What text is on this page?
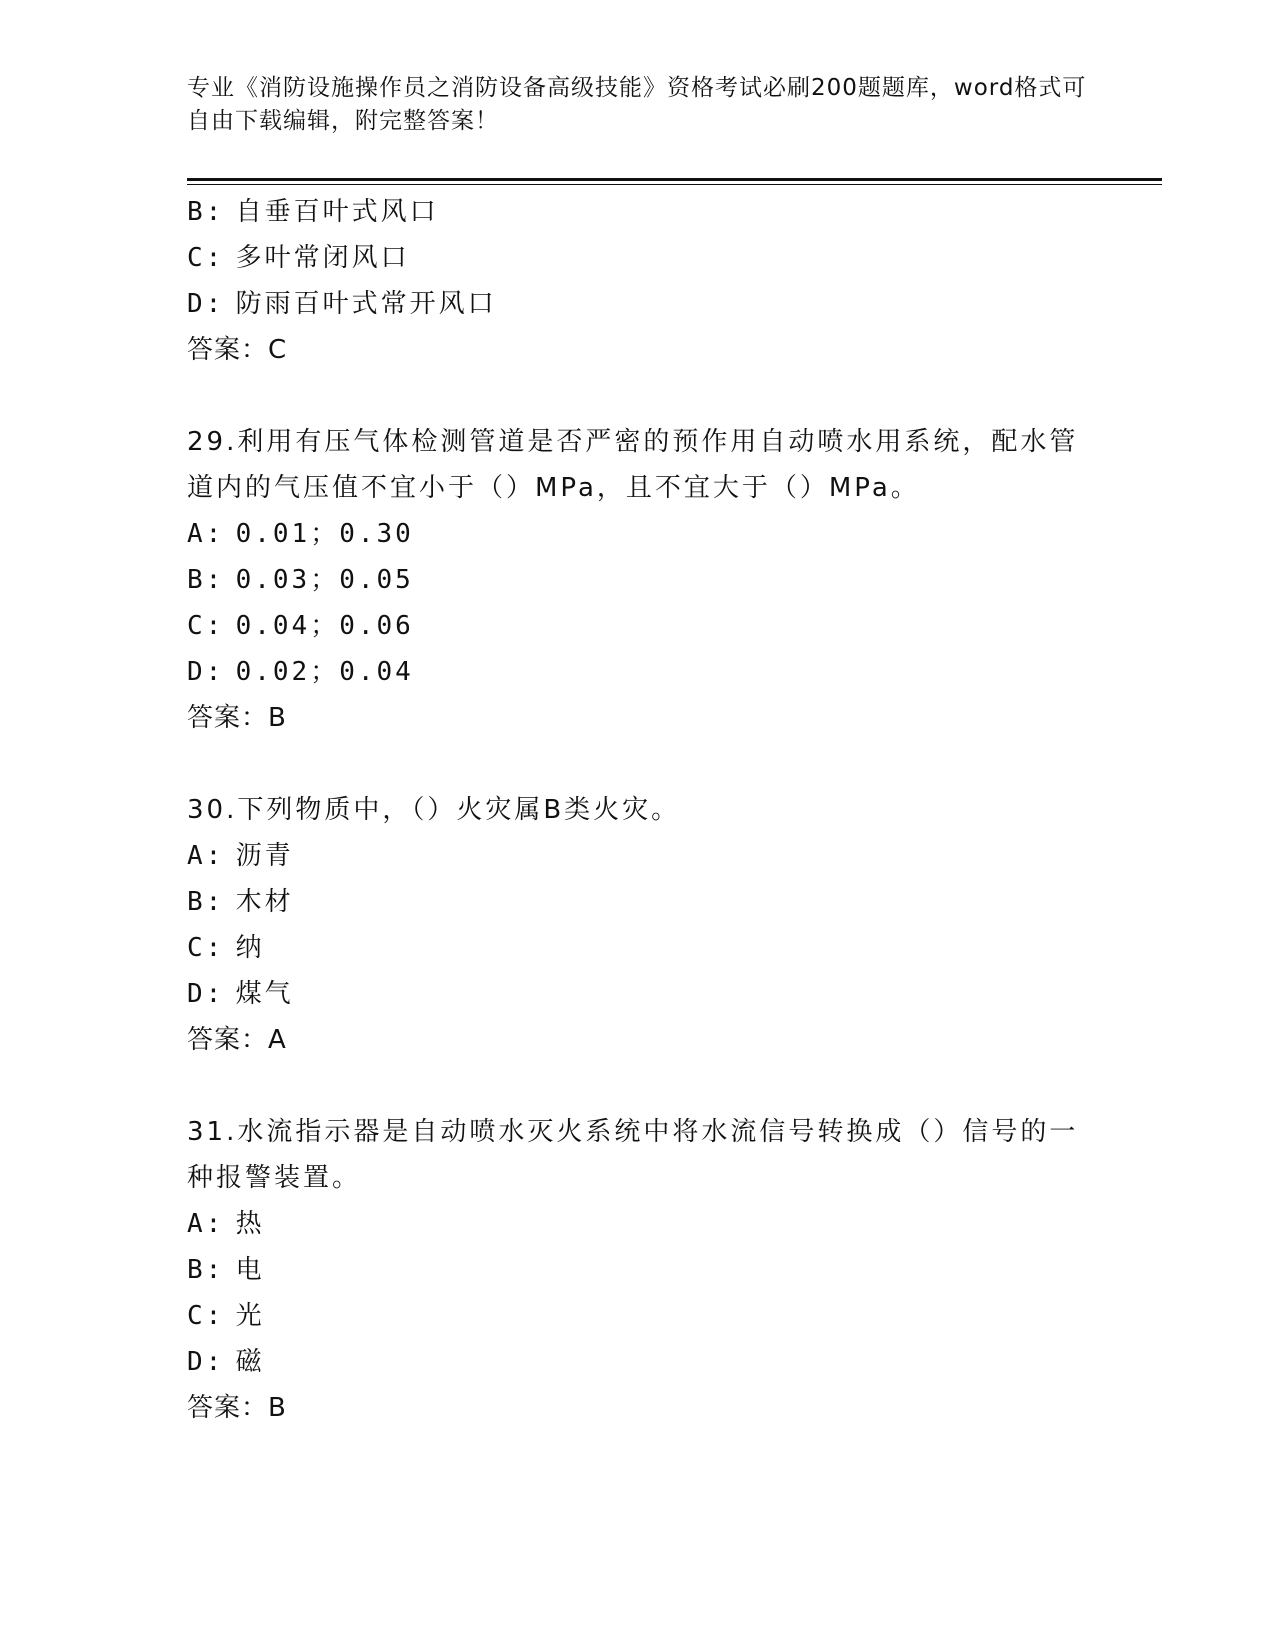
专业《消防设施操作员之消防设备高级技能》资格考试必刷200题题库，word格式可自由下载编辑，附完整答案！
B: 自垂百叶式风口
C: 多叶常闭风口
D: 防雨百叶式常开风口
答案：C
29.利用有压气体检测管道是否严密的预作用自动喷水用系统，配水管道内的气压值不宜小于（）MPa，且不宜大于（）MPa。
A: 0.01；0.30
B: 0.03；0.05
C: 0.04；0.06
D: 0.02；0.04
答案：B
30.下列物质中，（）火灾属B类火灾。
A: 沥青
B: 木材
C: 纳
D: 煤气
答案：A
31.水流指示器是自动喷水灭火系统中将水流信号转换成（）信号的一种报警装置。
A: 热
B: 电
C: 光
D: 磁
答案：B
